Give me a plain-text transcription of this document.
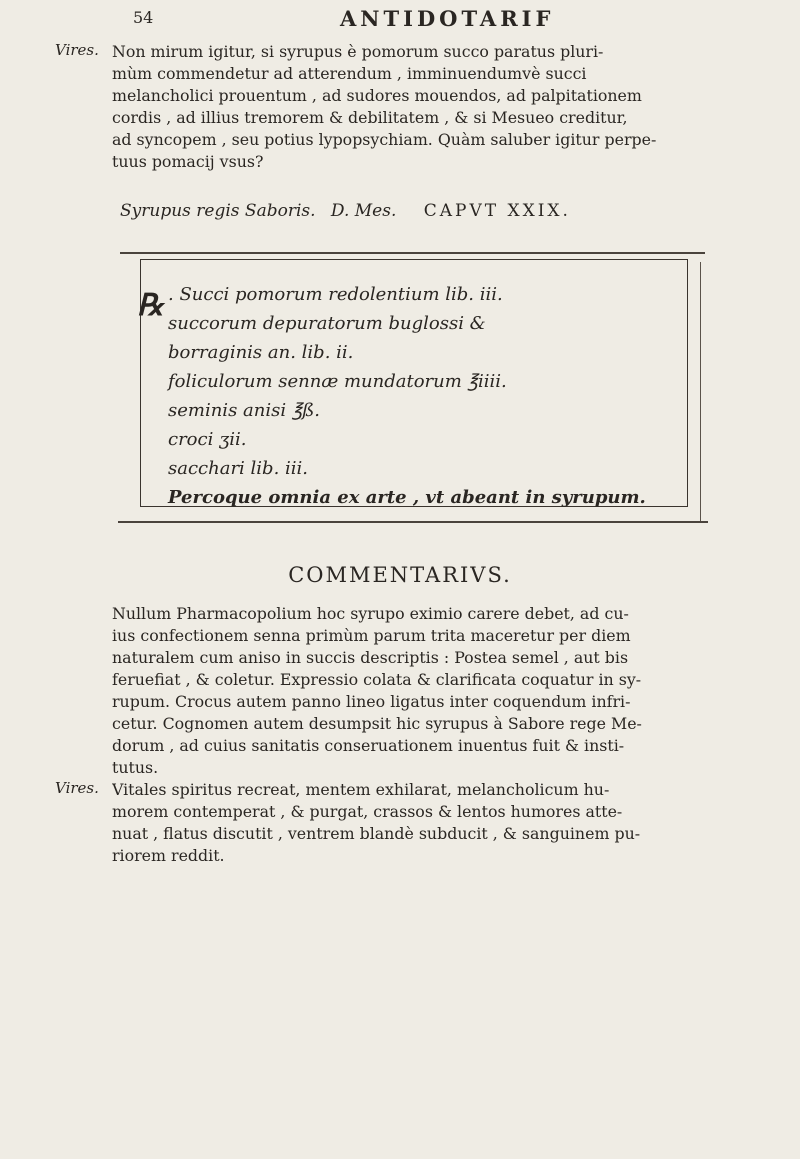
54	ANTIDOTARIF
Vires. Non mirum igitur, si syrupus è pomorum succo paratus pluri-
mùm commendetur ad atterendum , imminuendumvè succi
melancholici prouentum , ad sudores mouendos, ad palpitationem
cordis , ad illius tremorem & debilitatem , & si Mesueo creditur,
ad syncopem , seu potius lypopsychiam. Quàm saluber igitur perpe-
tuus pomacij vsus?
Syrupus regis Saboris. D. Mes. CAPVT XXIX.
℞ . Succi pomorum redolentium lib. iii.
succorum depuratorum buglossi &
borraginis an. lib. ii.
foliculorum sennæ mundatorum ℥iiii.
seminis anisi ℥ß.
croci ʒii.
sacchari lib. iii.
Percoque omnia ex arte , vt abeant in syrupum.
COMMENTARIVS.
Nullum Pharmacopolium hoc syrupo eximio carere debet, ad cu-
ius confectionem senna primùm parum trita maceretur per diem
naturalem cum aniso in succis descriptis : Postea semel , aut bis
feruefiat , & coletur. Expressio colata & clarificata coquatur in sy-
rupum. Crocus autem panno lineo ligatus inter coquendum infri-
cetur. Cognomen autem desumpsit hic syrupus à Sabore rege Me-
dorum , ad cuius sanitatis conseruationem inuentus fuit & insti-
tutus.
Vires. Vitales spiritus recreat, mentem exhilarat, melancholicum hu-
morem contemperat , & purgat, crassos & lentos humores atte-
nuat , flatus discutit , ventrem blandè subducit , & sanguinem pu-
riorem reddit.
